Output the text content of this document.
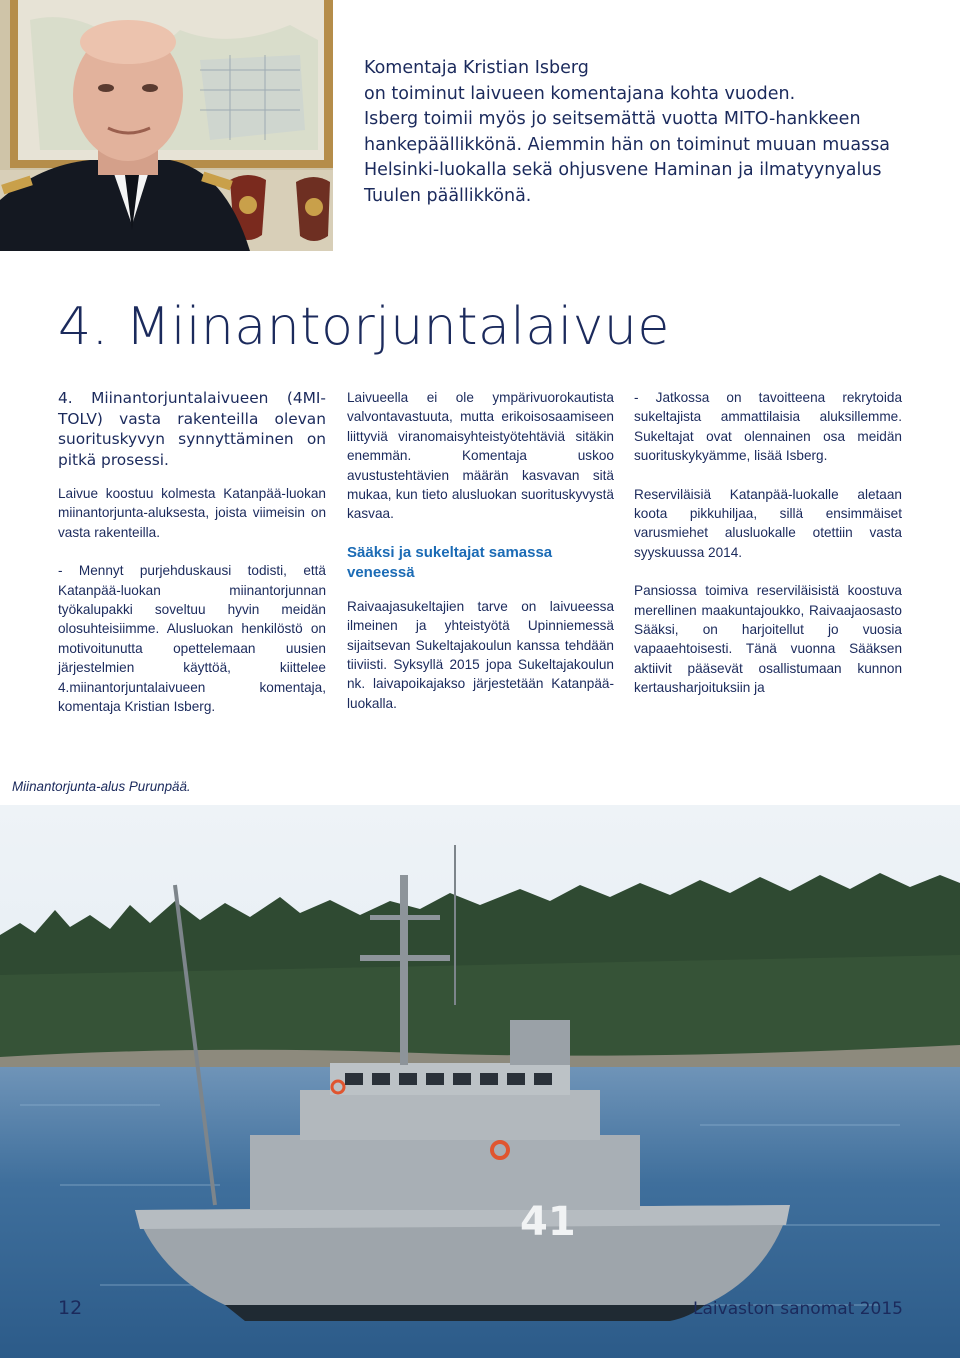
Komentaja Kristian Isberg
on toiminut laivueen komentajana kohta vuoden.
Isberg toimii myös jo seitsemättä vuotta MITO-hankkeen
hankepäällikkönä. Aiemmin hän on toiminut muuan muassa
Helsinki-luokalla sekä ohjusvene Haminan ja ilmatyynyalus
Tuulen päällikkönä.
4. Miinantorjuntalaivue

4. Miinantorjuntalaivueen (4MI-TOLV) vasta rakenteilla olevan suorituskyvyn synnyttäminen on pitkä prosessi.

Laivue koostuu kolmesta Katanpää-luokan miinantorjunta-aluksesta, joista viimeisin on vasta rakenteilla.

- Mennyt purjehduskausi todisti, että Katanpää-luokan miinantorjunnan työkalupakki soveltuu hyvin meidän olosuhteisiimme. Alusluokan henkilöstö on motivoitunutta opettelemaan uusien järjestelmien käyttöä, kiittelee 4.miinantorjuntalaivueen komentaja, komentaja Kristian Isberg.

Laivueella ei ole ympärivuorokautista valvontavastuuta, mutta erikoisosaamiseen liittyviä viranomaisyhteistyötehtäviä sitäkin enemmän. Komentaja uskoo avustustehtävien määrän kasvavan sitä mukaa, kun tieto alusluokan suorituskyvystä kasvaa.

Sääksi ja sukeltajat samassa veneessä

Raivaajasukeltajien tarve on laivueessa ilmeinen ja yhteistyötä Upinniemessä sijaitsevan Sukeltajakoulun kanssa tehdään tiiviisti. Syksyllä 2015 jopa Sukeltajakoulun nk. laivapoikajakso järjestetään Katanpää-luokalla.

- Jatkossa on tavoitteena rekrytoida sukeltajista ammattilaisia aluksillemme. Sukeltajat ovat olennainen osa meidän suorituskykyämme, lisää Isberg.

Reserviläisiä Katanpää-luokalle aletaan koota pikkuhiljaa, sillä ensimmäiset varusmiehet alusluokalle otettiin vasta syyskuussa 2014.

Pansiossa toimiva reserviläisistä koostuva merellinen maakuntajoukko, Raivaajaosasto Sääksi, on harjoitellut jo vuosia vapaaehtoisesti. Tänä vuonna Sääksen aktiivit pääsevät osallistumaan kunnon kertausharjoituksiin ja

Miinantorjunta-alus Purunpää.
41
12	Laivaston sanomat 2015
